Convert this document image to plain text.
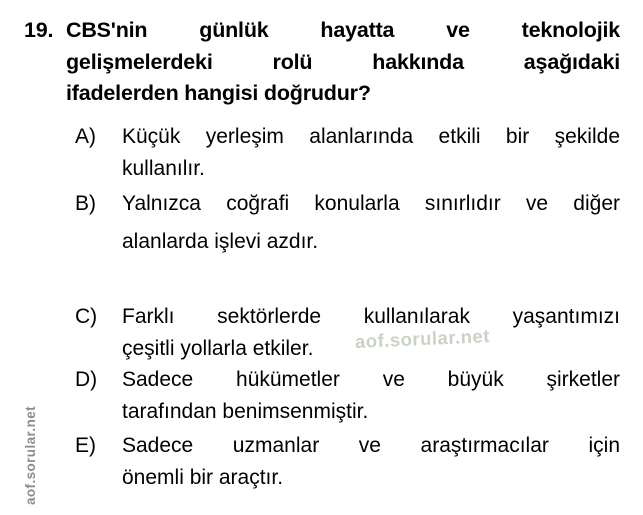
aof.sorular.net
aof.sorular.net
19. CBS'nin günlük hayatta ve teknolojik
gelişmelerdeki rolü hakkında aşağıdaki
ifadelerden hangisi doğrudur?
A) Küçük yerleşim alanlarında etkili bir şekilde
kullanılır.
B) Yalnızca coğrafi konularla sınırlıdır ve diğer
alanlarda işlevi azdır.
C) Farklı sektörlerde kullanılarak yaşantımızı
çeşitli yollarla etkiler.
D) Sadece hükümetler ve büyük şirketler
tarafından benimsenmiştir.
E) Sadece uzmanlar ve araştırmacılar için
önemli bir araçtır.
